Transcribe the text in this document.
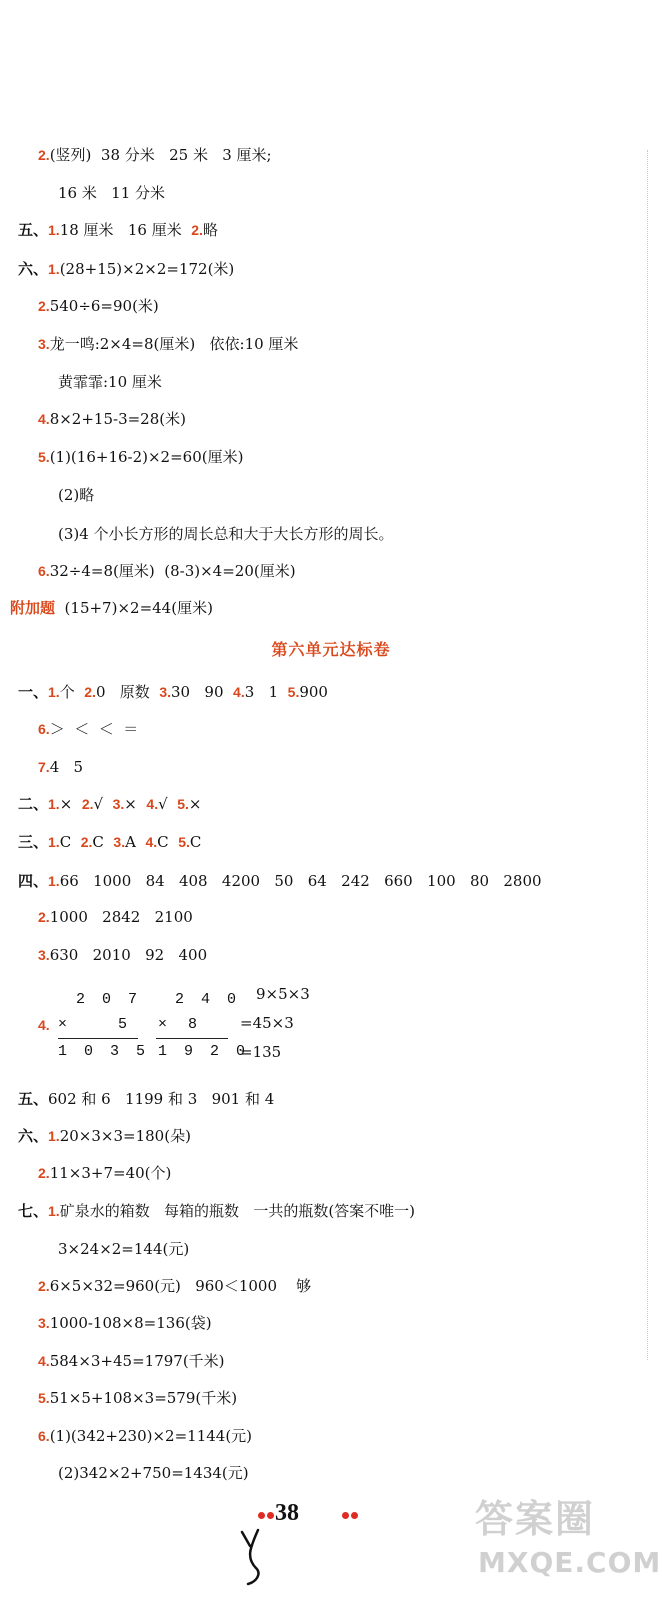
2.(竖列)  38 分米   25 米   3 厘米;
16 米   11 分米
五、1.18 厘米   16 厘米  2.略
六、1.(28+15)×2×2=172(米)
2.540÷6=90(米)
3.龙一鸣:2×4=8(厘米)   依依:10 厘米
黄霏霏:10 厘米
4.8×2+15-3=28(米)
5.(1)(16+16-2)×2=60(厘米)
(2)略
(3)4 个小长方形的周长总和大于大长方形的周长。
6.32÷4=8(厘米)  (8-3)×4=20(厘米)
附加题  (15+7)×2=44(厘米)
一、1.个  2.0   原数  3.30   90  4.3   1  5.900
6.＞  ＜  ＜  ＝
7.4   5
二、1.×  2.√  3.×  4.√  5.×
三、1.C  2.C  3.A  4.C  5.C
四、1.66   1000   84   408   4200   50   64   242   660   100   80   2800
2.1000   2842   2100
3.630   2010   92   400
五、602 和 6   1199 和 3   901 和 4
六、1.20×3×3=180(朵)
2.11×3+7=40(个)
七、1.矿泉水的箱数   每箱的瓶数   一共的瓶数(答案不唯一)
3×24×2=144(元)
2.6×5×32=960(元)   960＜1000    够
3.1000-108×8=136(袋)
4.584×3+45=1797(千米)
5.51×5+108×3=579(千米)
6.(1)(342+230)×2=1144(元)
(2)342×2+750=1434(元)
第六单元达标卷
4.
2 0 7
×     5
1 0 3 5
2 4 0
×  8
1 9 2 0
9×5×3
=45×3
=135
38	答案圈
MXQE.COM
